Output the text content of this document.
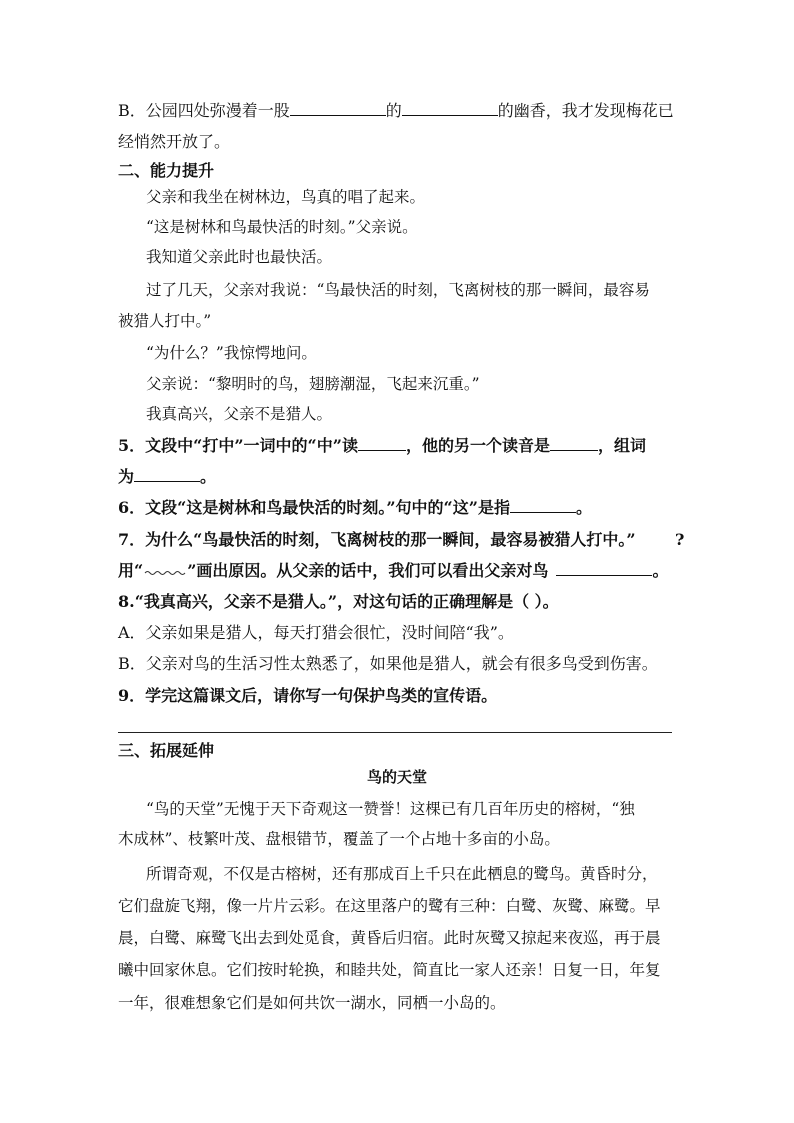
B．公园四处弥漫着一股	的	的幽香，我才发现梅花已
经悄然开放了。
二、能力提升
父亲和我坐在树林边，鸟真的唱了起来。
“这是树林和鸟最快活的时刻。”父亲说。
我知道父亲此时也最快活。
过了几天，父亲对我说：“鸟最快活的时刻，飞离树枝的那一瞬间，最容易
被猎人打中。”
“为什么？”我惊愕地问。
父亲说：“黎明时的鸟，翅膀潮湿，飞起来沉重。”
我真高兴，父亲不是猎人。
5．文段中“打中”一词中的“中”读	，他的另一个读音是	，组词
为	。
6．文段“这是树林和鸟最快活的时刻。”句中的“这”是指	。
7．为什么“鸟最快活的时刻，飞离树枝的那一瞬间，最容易被猎人打中。” ?
用“	”画出原因。从父亲的话中，我们可以看出父亲对鸟	。
8.“我真高兴，父亲不是猎人。”，对这句话的正确理解是（ ）。
A．父亲如果是猎人，每天打猎会很忙，没时间陪“我”。
B．父亲对鸟的生活习性太熟悉了，如果他是猎人，就会有很多鸟受到伤害。
9．学完这篇课文后，请你写一句保护鸟类的宣传语。
三、拓展延伸
鸟的天堂
“鸟的天堂”无愧于天下奇观这一赞誉！这棵已有几百年历史的榕树，“独
木成林”、枝繁叶茂、盘根错节，覆盖了一个占地十多亩的小岛。
所谓奇观，不仅是古榕树，还有那成百上千只在此栖息的鹭鸟。黄昏时分，
它们盘旋飞翔，像一片片云彩。在这里落户的鹭有三种：白鹭、灰鹭、麻鹭。早
晨，白鹭、麻鹭飞出去到处觅食，黄昏后归宿。此时灰鹭又掠起来夜巡，再于晨
曦中回家休息。它们按时轮换，和睦共处，简直比一家人还亲！日复一日，年复
一年，很难想象它们是如何共饮一湖水，同栖一小岛的。
